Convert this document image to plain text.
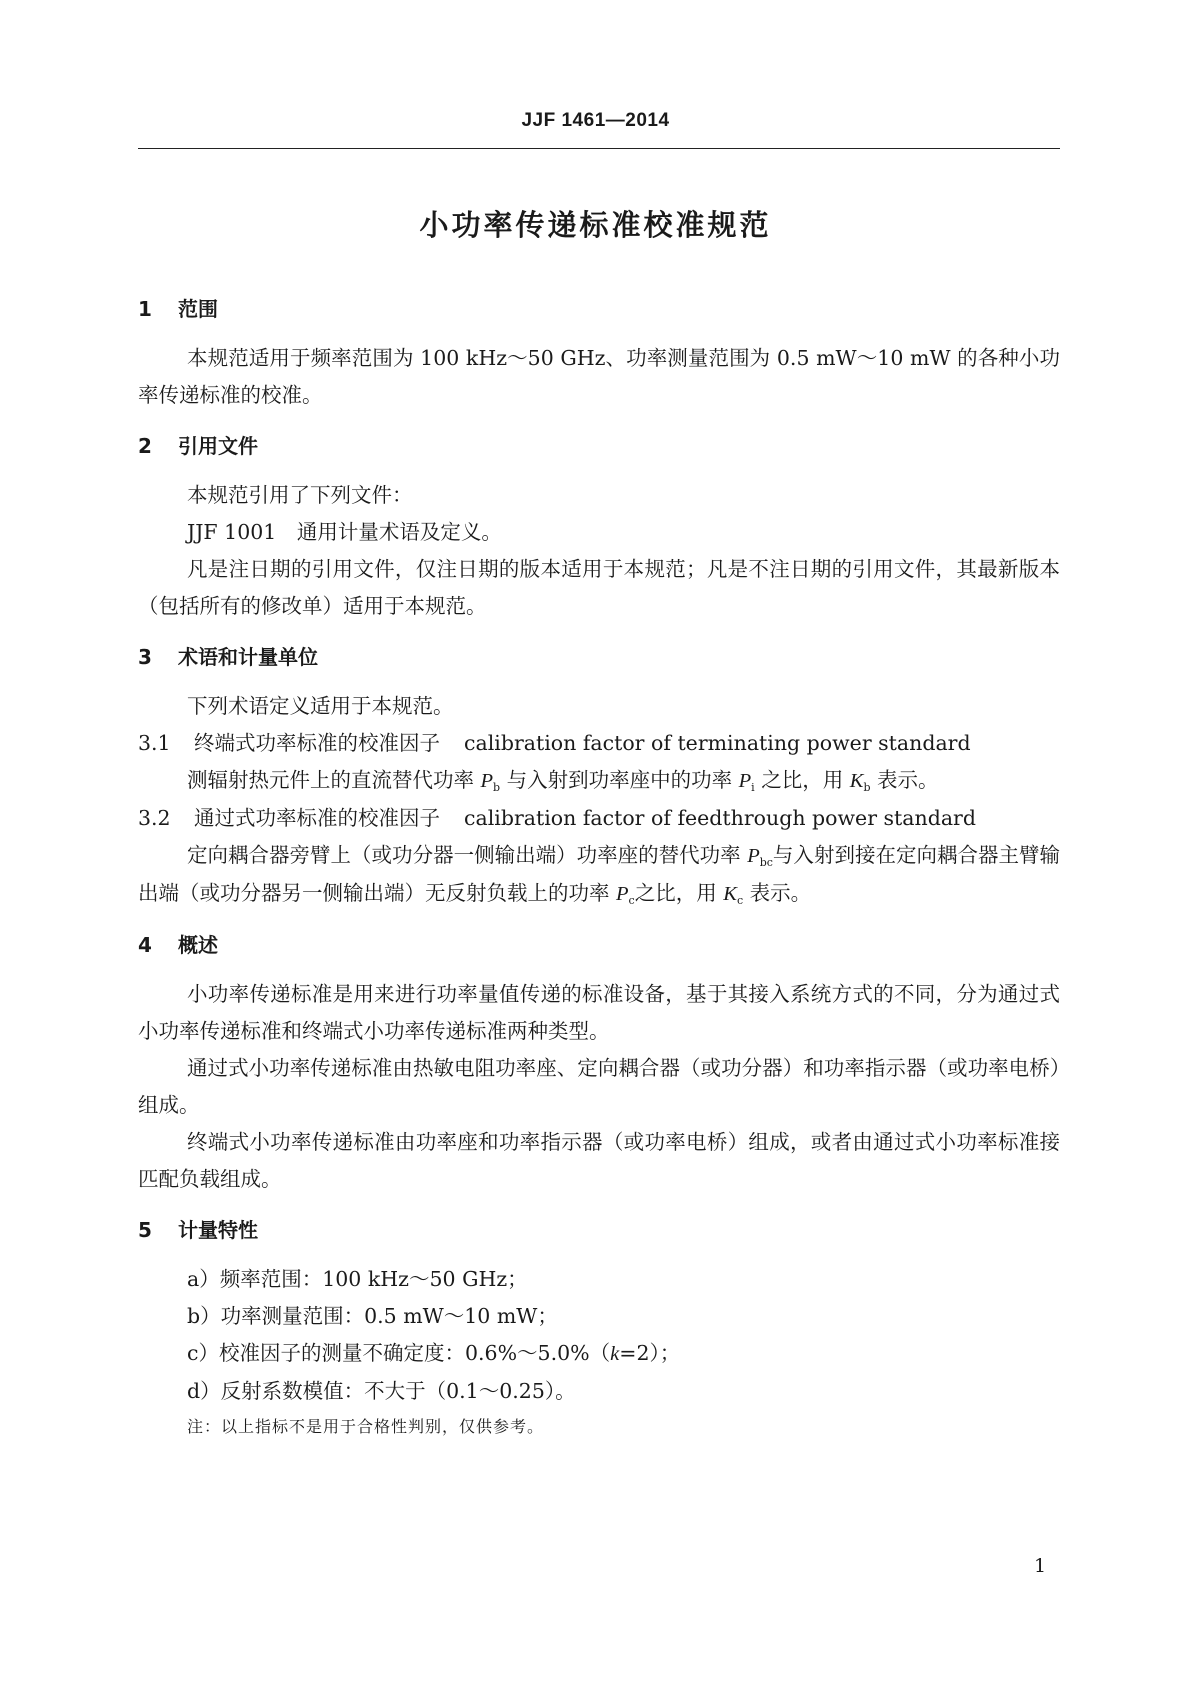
JJF 1461—2014

小功率传递标准校准规范
1 范围

本规范适用于频率范围为 100 kHz～50 GHz、功率测量范围为 0.5 mW～10 mW 的各种小功率传递标准的校准。

2 引用文件

本规范引用了下列文件：

JJF 1001　通用计量术语及定义。

凡是注日期的引用文件，仅注日期的版本适用于本规范；凡是不注日期的引用文件，其最新版本（包括所有的修改单）适用于本规范。

3 术语和计量单位

下列术语定义适用于本规范。

3.1 终端式功率标准的校准因子 calibration factor of terminating power standard

测辐射热元件上的直流替代功率 $P_b$ 与入射到功率座中的功率 $P_i$ 之比，用 $K_b$ 表示。

3.2 通过式功率标准的校准因子 calibration factor of feedthrough power standard

定向耦合器旁臂上（或功分器一侧输出端）功率座的替代功率 $P_{bc}$与入射到接在定向耦合器主臂输出端（或功分器另一侧输出端）无反射负载上的功率 $P_c$之比，用 $K_c$ 表示。

4 概述

小功率传递标准是用来进行功率量值传递的标准设备，基于其接入系统方式的不同，分为通过式小功率传递标准和终端式小功率传递标准两种类型。

通过式小功率传递标准由热敏电阻功率座、定向耦合器（或功分器）和功率指示器（或功率电桥）组成。

终端式小功率传递标准由功率座和功率指示器（或功率电桥）组成，或者由通过式小功率标准接匹配负载组成。

5 计量特性

a）频率范围：100 kHz～50 GHz；

b）功率测量范围：0.5 mW～10 mW；

c）校准因子的测量不确定度：0.6%～5.0%（k=2）；

d）反射系数模值：不大于（0.1～0.25）。

注：以上指标不是用于合格性判别，仅供参考。

1
